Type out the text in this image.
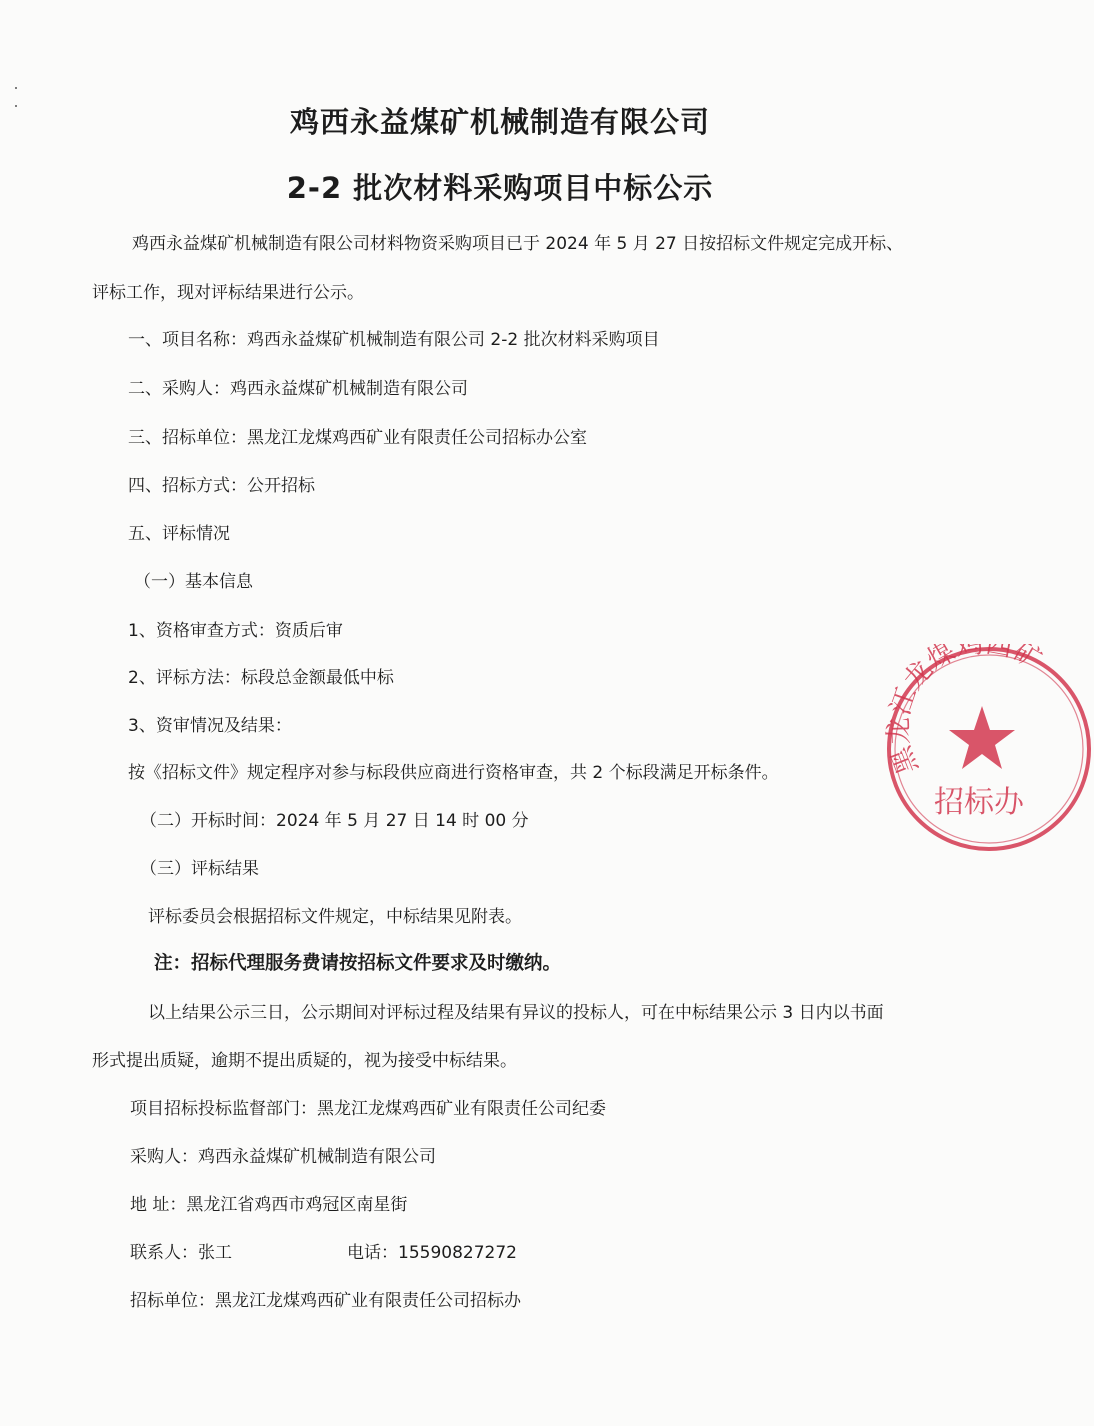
鸡西永益煤矿机械制造有限公司
2-2 批次材料采购项目中标公示
鸡西永益煤矿机械制造有限公司材料物资采购项目已于 2024 年 5 月 27 日按招标文件规定完成开标、
评标工作，现对评标结果进行公示。
一、项目名称：鸡西永益煤矿机械制造有限公司 2-2 批次材料采购项目
二、采购人：鸡西永益煤矿机械制造有限公司
三、招标单位：黑龙江龙煤鸡西矿业有限责任公司招标办公室
四、招标方式：公开招标
五、评标情况
（一）基本信息
1、资格审查方式：资质后审
2、评标方法：标段总金额最低中标
3、资审情况及结果：
按《招标文件》规定程序对参与标段供应商进行资格审查，共 2 个标段满足开标条件。
（二）开标时间：2024 年 5 月 27 日 14 时 00 分
（三）评标结果
评标委员会根据招标文件规定，中标结果见附表。
注：招标代理服务费请按招标文件要求及时缴纳。
以上结果公示三日，公示期间对评标过程及结果有异议的投标人，可在中标结果公示 3 日内以书面
形式提出质疑，逾期不提出质疑的，视为接受中标结果。
项目招标投标监督部门：黑龙江龙煤鸡西矿业有限责任公司纪委
采购人：鸡西永益煤矿机械制造有限公司
地 址：黑龙江省鸡西市鸡冠区南星街
联系人：张工	电话：15590827272
招标单位：黑龙江龙煤鸡西矿业有限责任公司招标办
黑龙江龙煤鸡西矿
招标办
